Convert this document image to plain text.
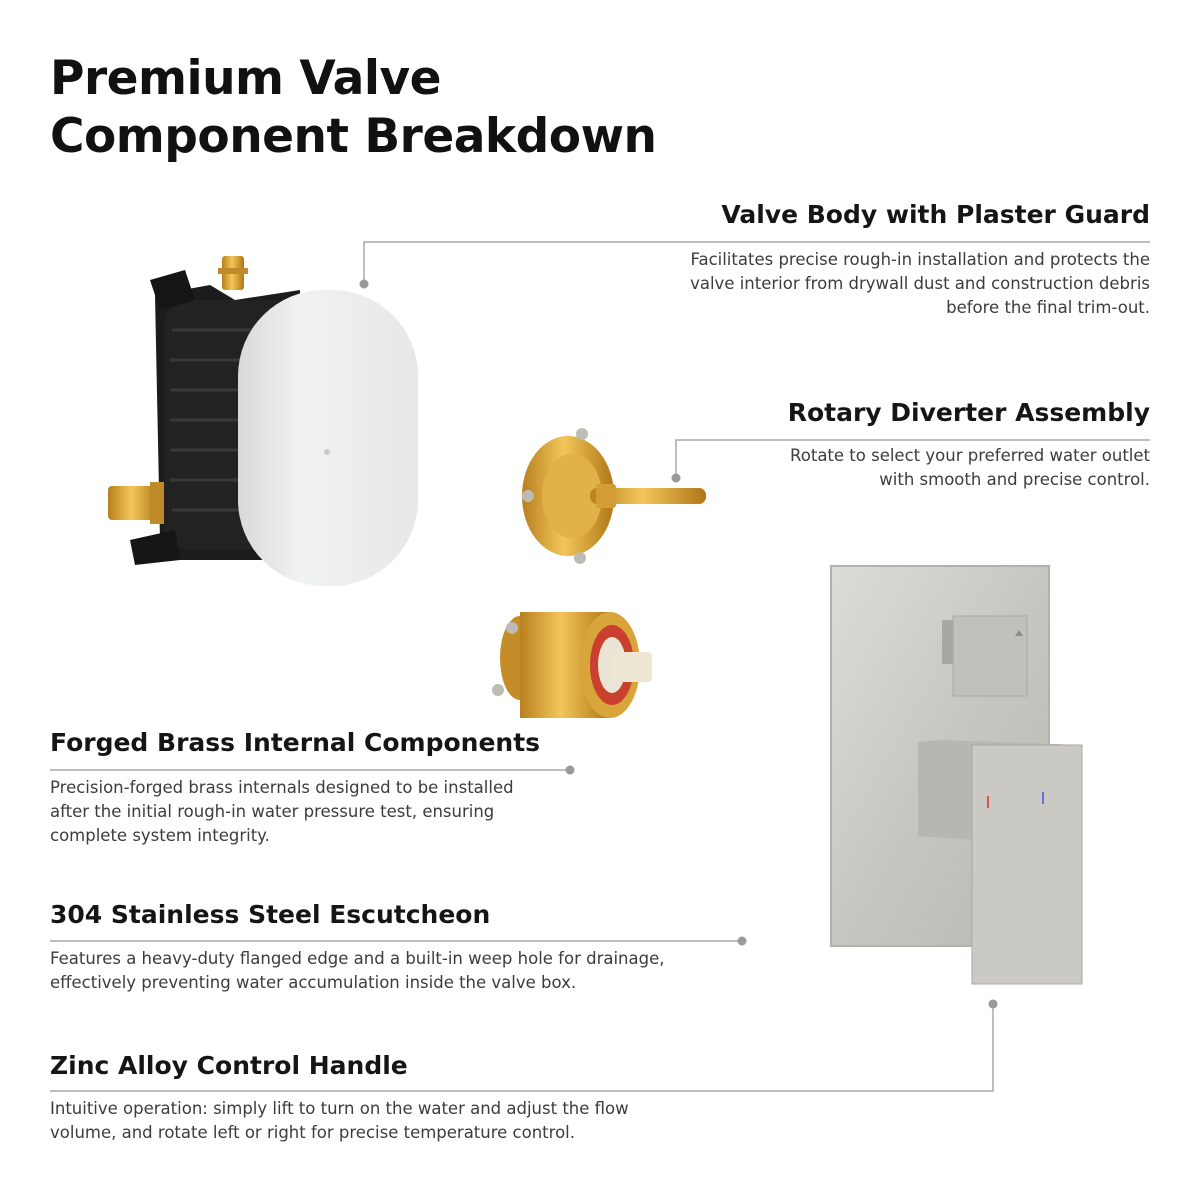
Premium Valve
Component Breakdown
Valve Body with Plaster Guard

Facilitates precise rough-in installation and protects the valve interior from drywall dust and construction debris before the final trim-out.

Rotary Diverter Assembly

Rotate to select your preferred water outlet with smooth and precise control.

Forged Brass Internal Components

Precision-forged brass internals designed to be installed after the initial rough-in water pressure test, ensuring complete system integrity.

304 Stainless Steel Escutcheon

Features a heavy-duty flanged edge and a built-in weep hole for drainage, effectively preventing water accumulation inside the valve box.

Zinc Alloy Control Handle

Intuitive operation: simply lift to turn on the water and adjust the flow volume, and rotate left or right for precise temperature control.
